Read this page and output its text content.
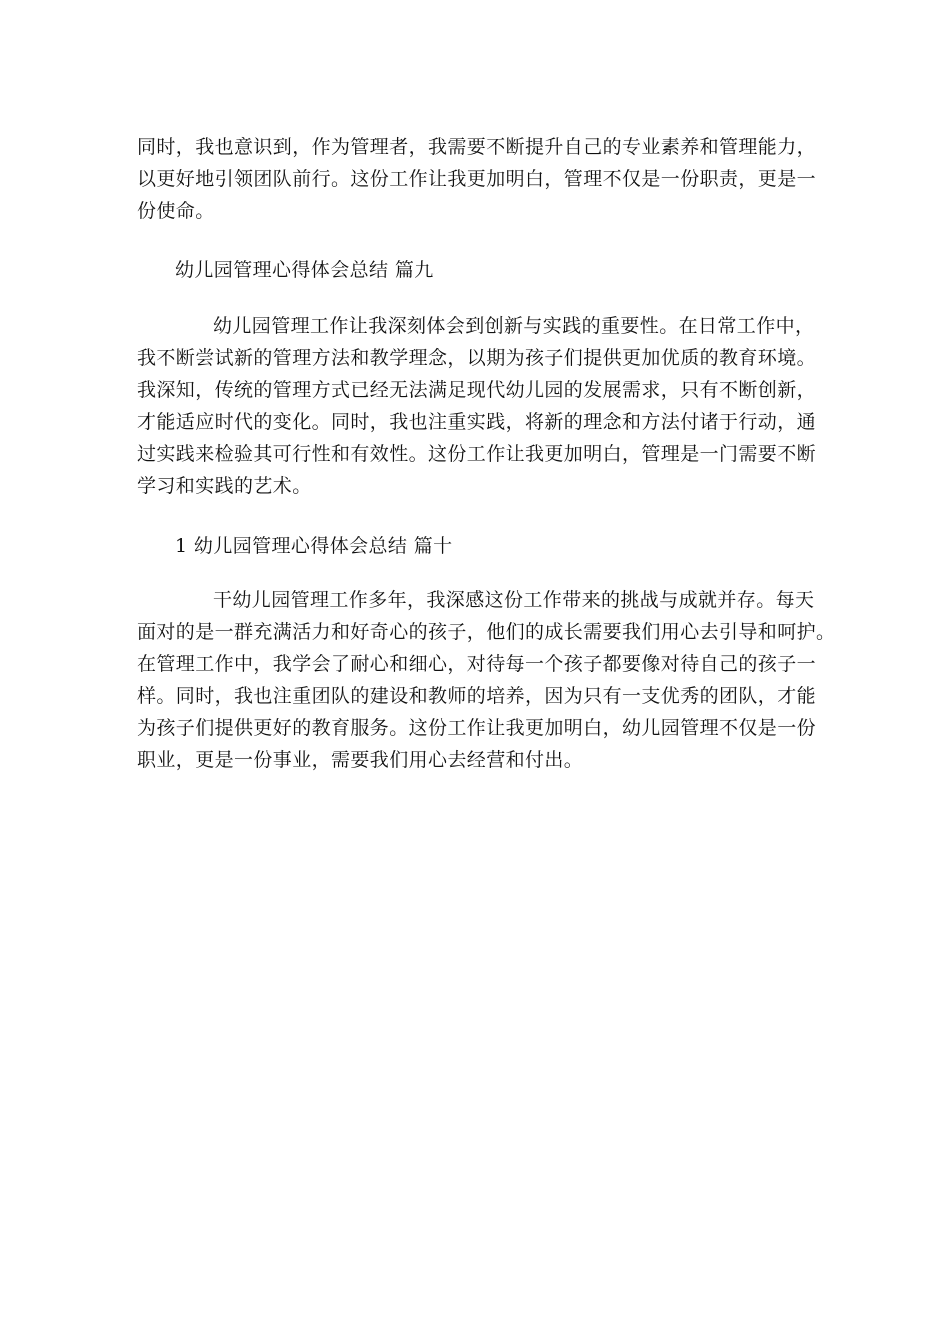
同时，我也意识到，作为管理者，我需要不断提升自己的专业素养和管理能力，
以更好地引领团队前行。这份工作让我更加明白，管理不仅是一份职责，更是一
份使命。
幼儿园管理心得体会总结 篇九
幼儿园管理工作让我深刻体会到创新与实践的重要性。在日常工作中，
我不断尝试新的管理方法和教学理念，以期为孩子们提供更加优质的教育环境。
我深知，传统的管理方式已经无法满足现代幼儿园的发展需求，只有不断创新，
才能适应时代的变化。同时，我也注重实践，将新的理念和方法付诸于行动，通
过实践来检验其可行性和有效性。这份工作让我更加明白，管理是一门需要不断
学习和实践的艺术。
1 幼儿园管理心得体会总结 篇十
干幼儿园管理工作多年，我深感这份工作带来的挑战与成就并存。每天
面对的是一群充满活力和好奇心的孩子，他们的成长需要我们用心去引导和呵护。
在管理工作中，我学会了耐心和细心，对待每一个孩子都要像对待自己的孩子一
样。同时，我也注重团队的建设和教师的培养，因为只有一支优秀的团队，才能
为孩子们提供更好的教育服务。这份工作让我更加明白，幼儿园管理不仅是一份
职业，更是一份事业，需要我们用心去经营和付出。
